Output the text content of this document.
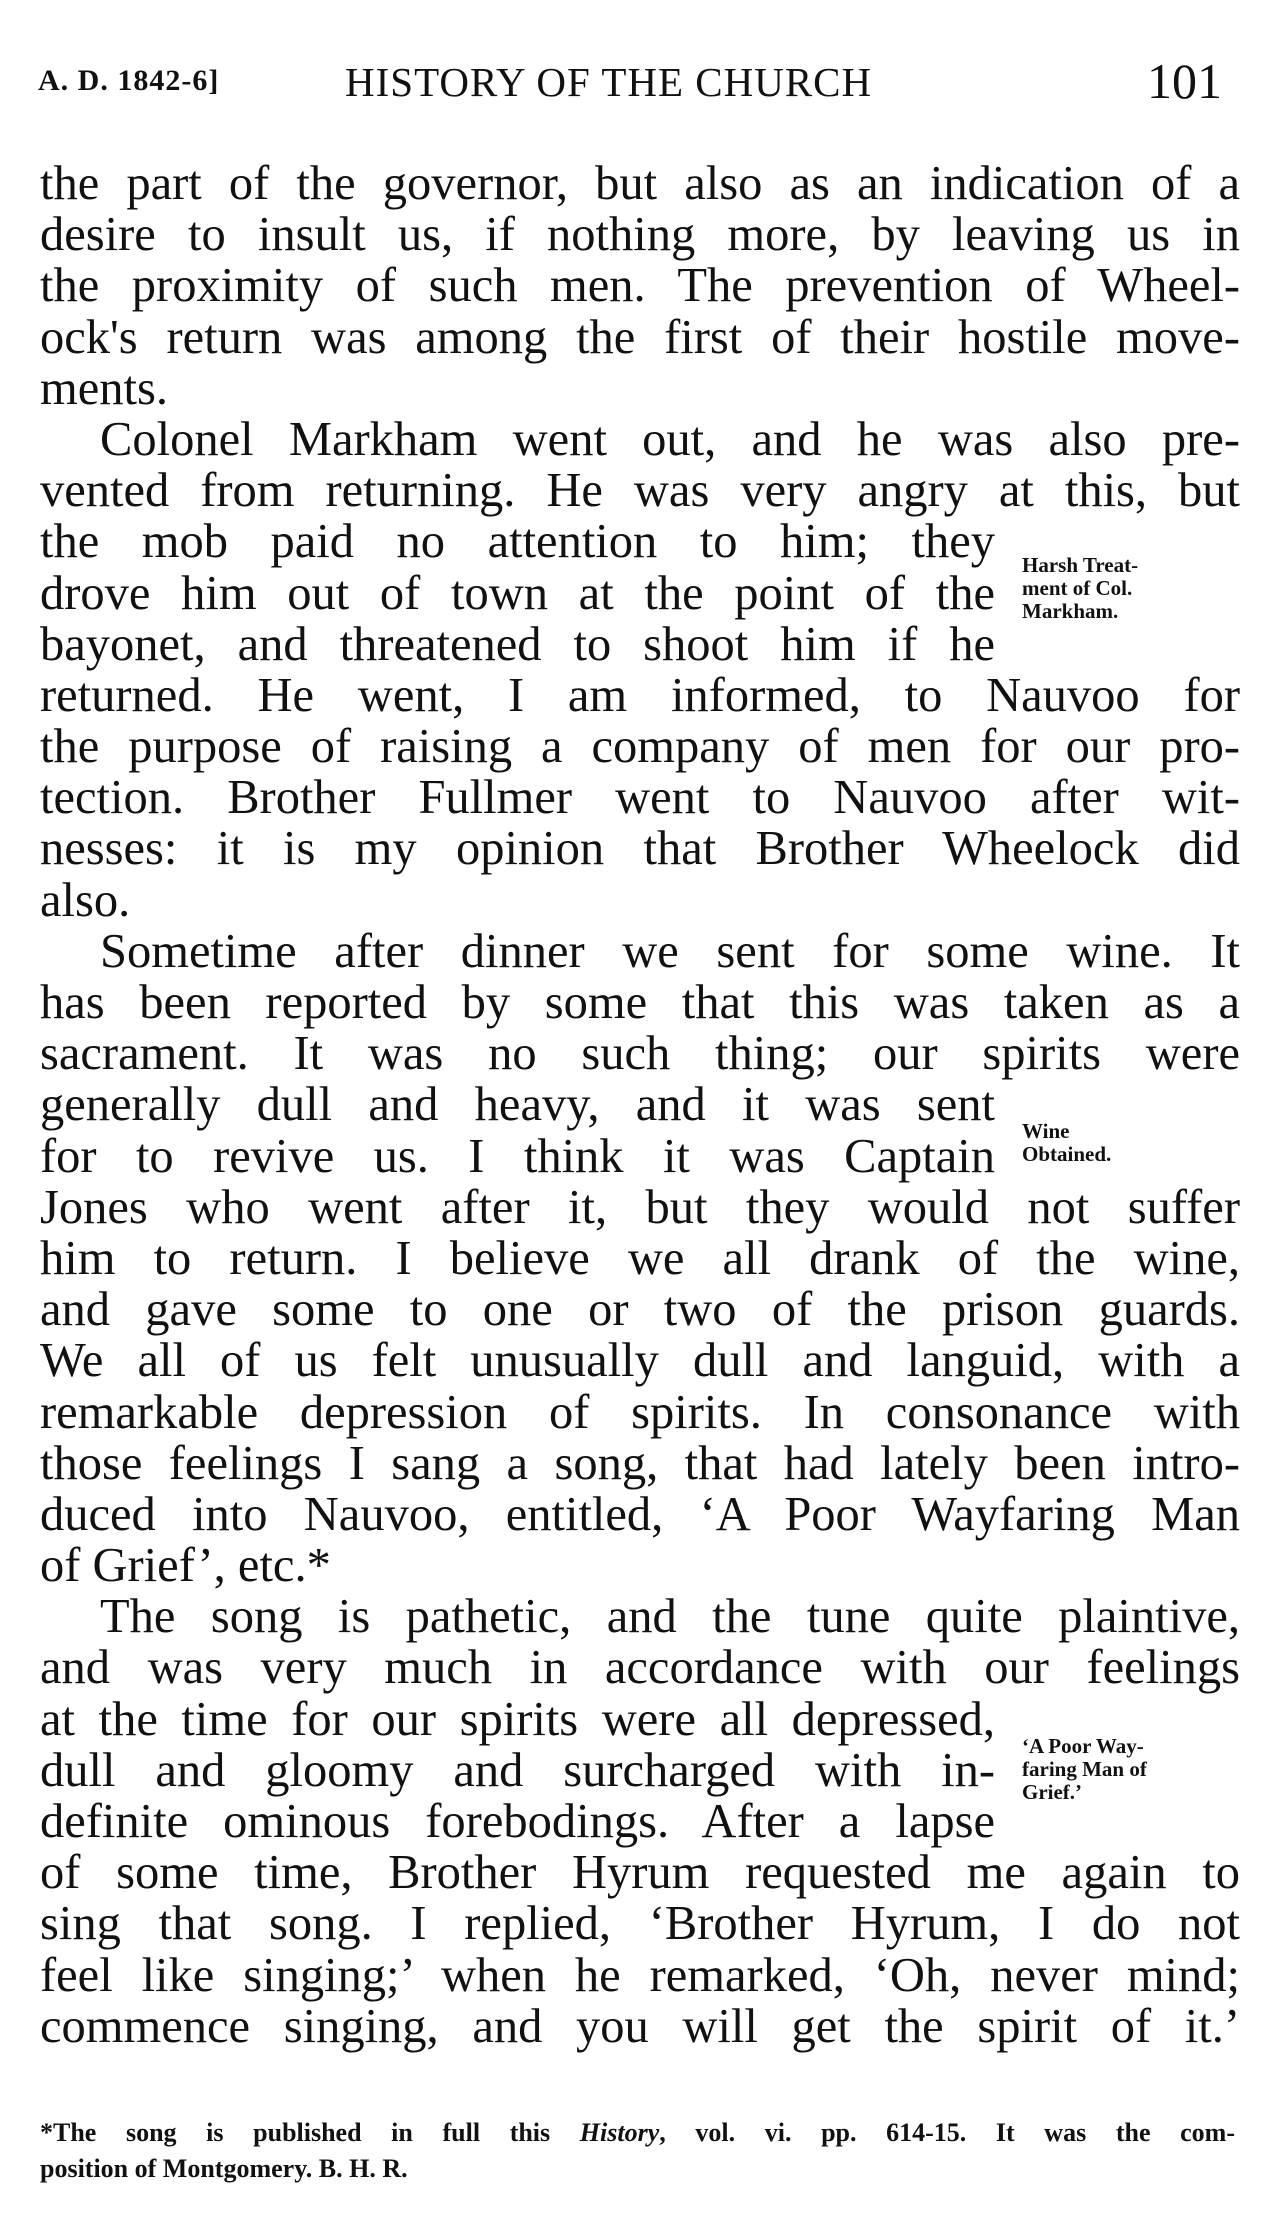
A. D. 1842-6]	HISTORY OF THE CHURCH	101
the part of the governor, but also as an indication of a
desire to insult us, if nothing more, by leaving us in
the proximity of such men. The prevention of Wheel-
ock's return was among the first of their hostile move-
ments.
Colonel Markham went out, and he was also pre-
vented from returning. He was very angry at this, but
the mob paid no attention to him; they
drove him out of town at the point of the
bayonet, and threatened to shoot him if he
returned. He went, I am informed, to Nauvoo for
the purpose of raising a company of men for our pro-
tection. Brother Fullmer went to Nauvoo after wit-
nesses: it is my opinion that Brother Wheelock did
also.
Sometime after dinner we sent for some wine. It
has been reported by some that this was taken as a
sacrament. It was no such thing; our spirits were
generally dull and heavy, and it was sent
for to revive us. I think it was Captain
Jones who went after it, but they would not suffer
him to return. I believe we all drank of the wine,
and gave some to one or two of the prison guards.
We all of us felt unusually dull and languid, with a
remarkable depression of spirits. In consonance with
those feelings I sang a song, that had lately been intro-
duced into Nauvoo, entitled, ‘A Poor Wayfaring Man
of Grief’, etc.*
The song is pathetic, and the tune quite plaintive,
and was very much in accordance with our feelings
at the time for our spirits were all depressed,
dull and gloomy and surcharged with in-
definite ominous forebodings. After a lapse
of some time, Brother Hyrum requested me again to
sing that song. I replied, ‘Brother Hyrum, I do not
feel like singing;’ when he remarked, ‘Oh, never mind;
commence singing, and you will get the spirit of it.’
Harsh Treat-
ment of Col.
Markham.
Wine
Obtained.
‘A Poor Way-
faring Man of
Grief.’
*The song is published in full this History, vol. vi. pp. 614-15. It was the com-
position of Montgomery. B. H. R.
